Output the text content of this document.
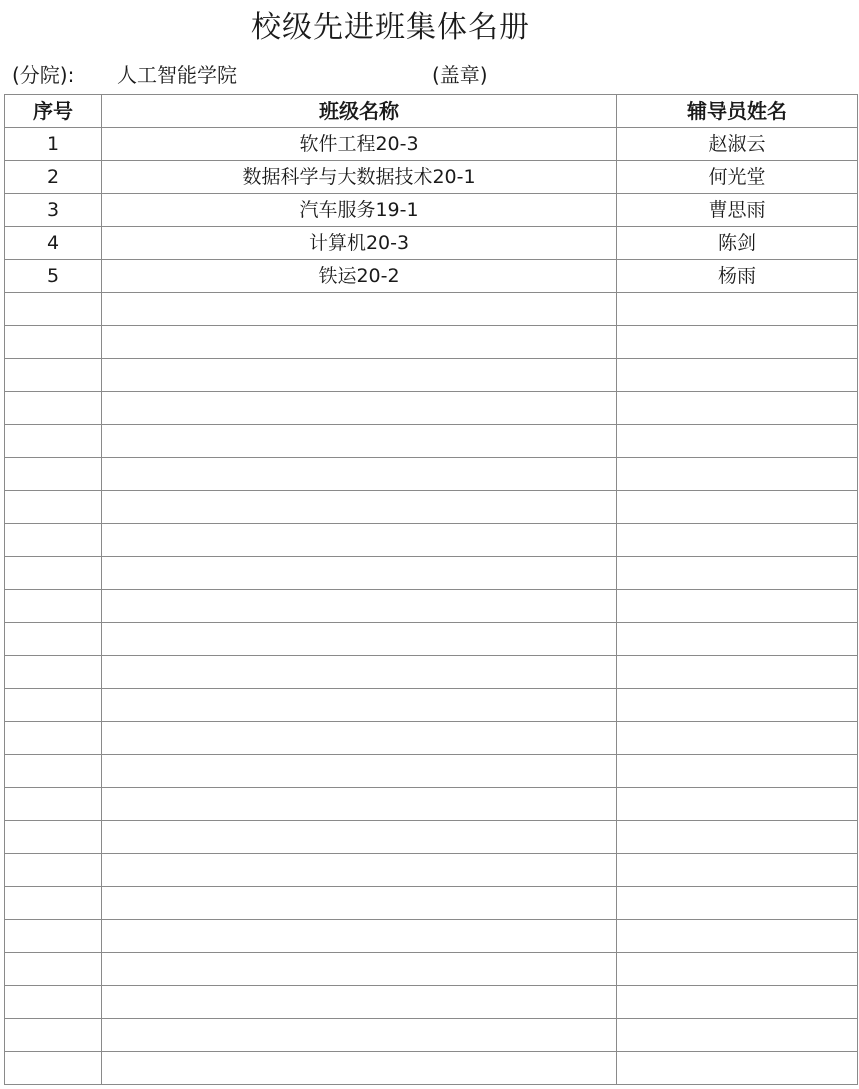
校级先进班集体名册
(分院): 人工智能学院	(盖章)
序号	班级名称	辅导员姓名
1	软件工程20-3	赵淑云
2	数据科学与大数据技术20-1	何光堂
3	汽车服务19-1	曹思雨
4	计算机20-3	陈剑
5	铁运20-2	杨雨
